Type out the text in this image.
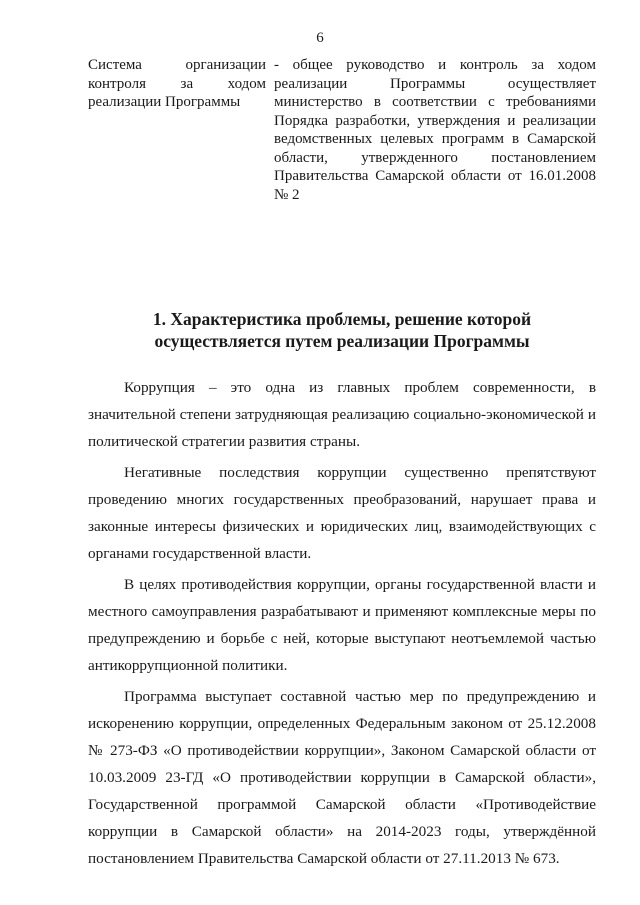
6
Система организации контроля за ходом реализации Программы
- общее руководство и контроль за ходом реализации Программы осуществляет министерство в соответствии с требованиями Порядка разработки, утверждения и реализации ведомственных целевых программ в Самарской области, утвержденного постановлением Правительства Самарской области от 16.01.2008 № 2
1. Характеристика проблемы, решение которой
осуществляется путем реализации Программы

Коррупция – это одна из главных проблем современности, в значительной степени затрудняющая реализацию социально-экономической и политической стратегии развития страны.

Негативные последствия коррупции существенно препятствуют проведению многих государственных преобразований, нарушает права и законные интересы физических и юридических лиц, взаимодействующих с органами государственной власти.

В целях противодействия коррупции, органы государственной власти и местного самоуправления разрабатывают и применяют комплексные меры по предупреждению и борьбе с ней, которые выступают неотъемлемой частью антикоррупционной политики.

Программа выступает составной частью мер по предупреждению и искоренению коррупции, определенных Федеральным законом от 25.12.2008 № 273-ФЗ «О противодействии коррупции», Законом Самарской области от 10.03.2009 23-ГД «О противодействии коррупции в Самарской области», Государственной программой Самарской области «Противодействие коррупции в Самарской области» на 2014-2023 годы, утверждённой постановлением Правительства Самарской области от 27.11.2013 № 673.
